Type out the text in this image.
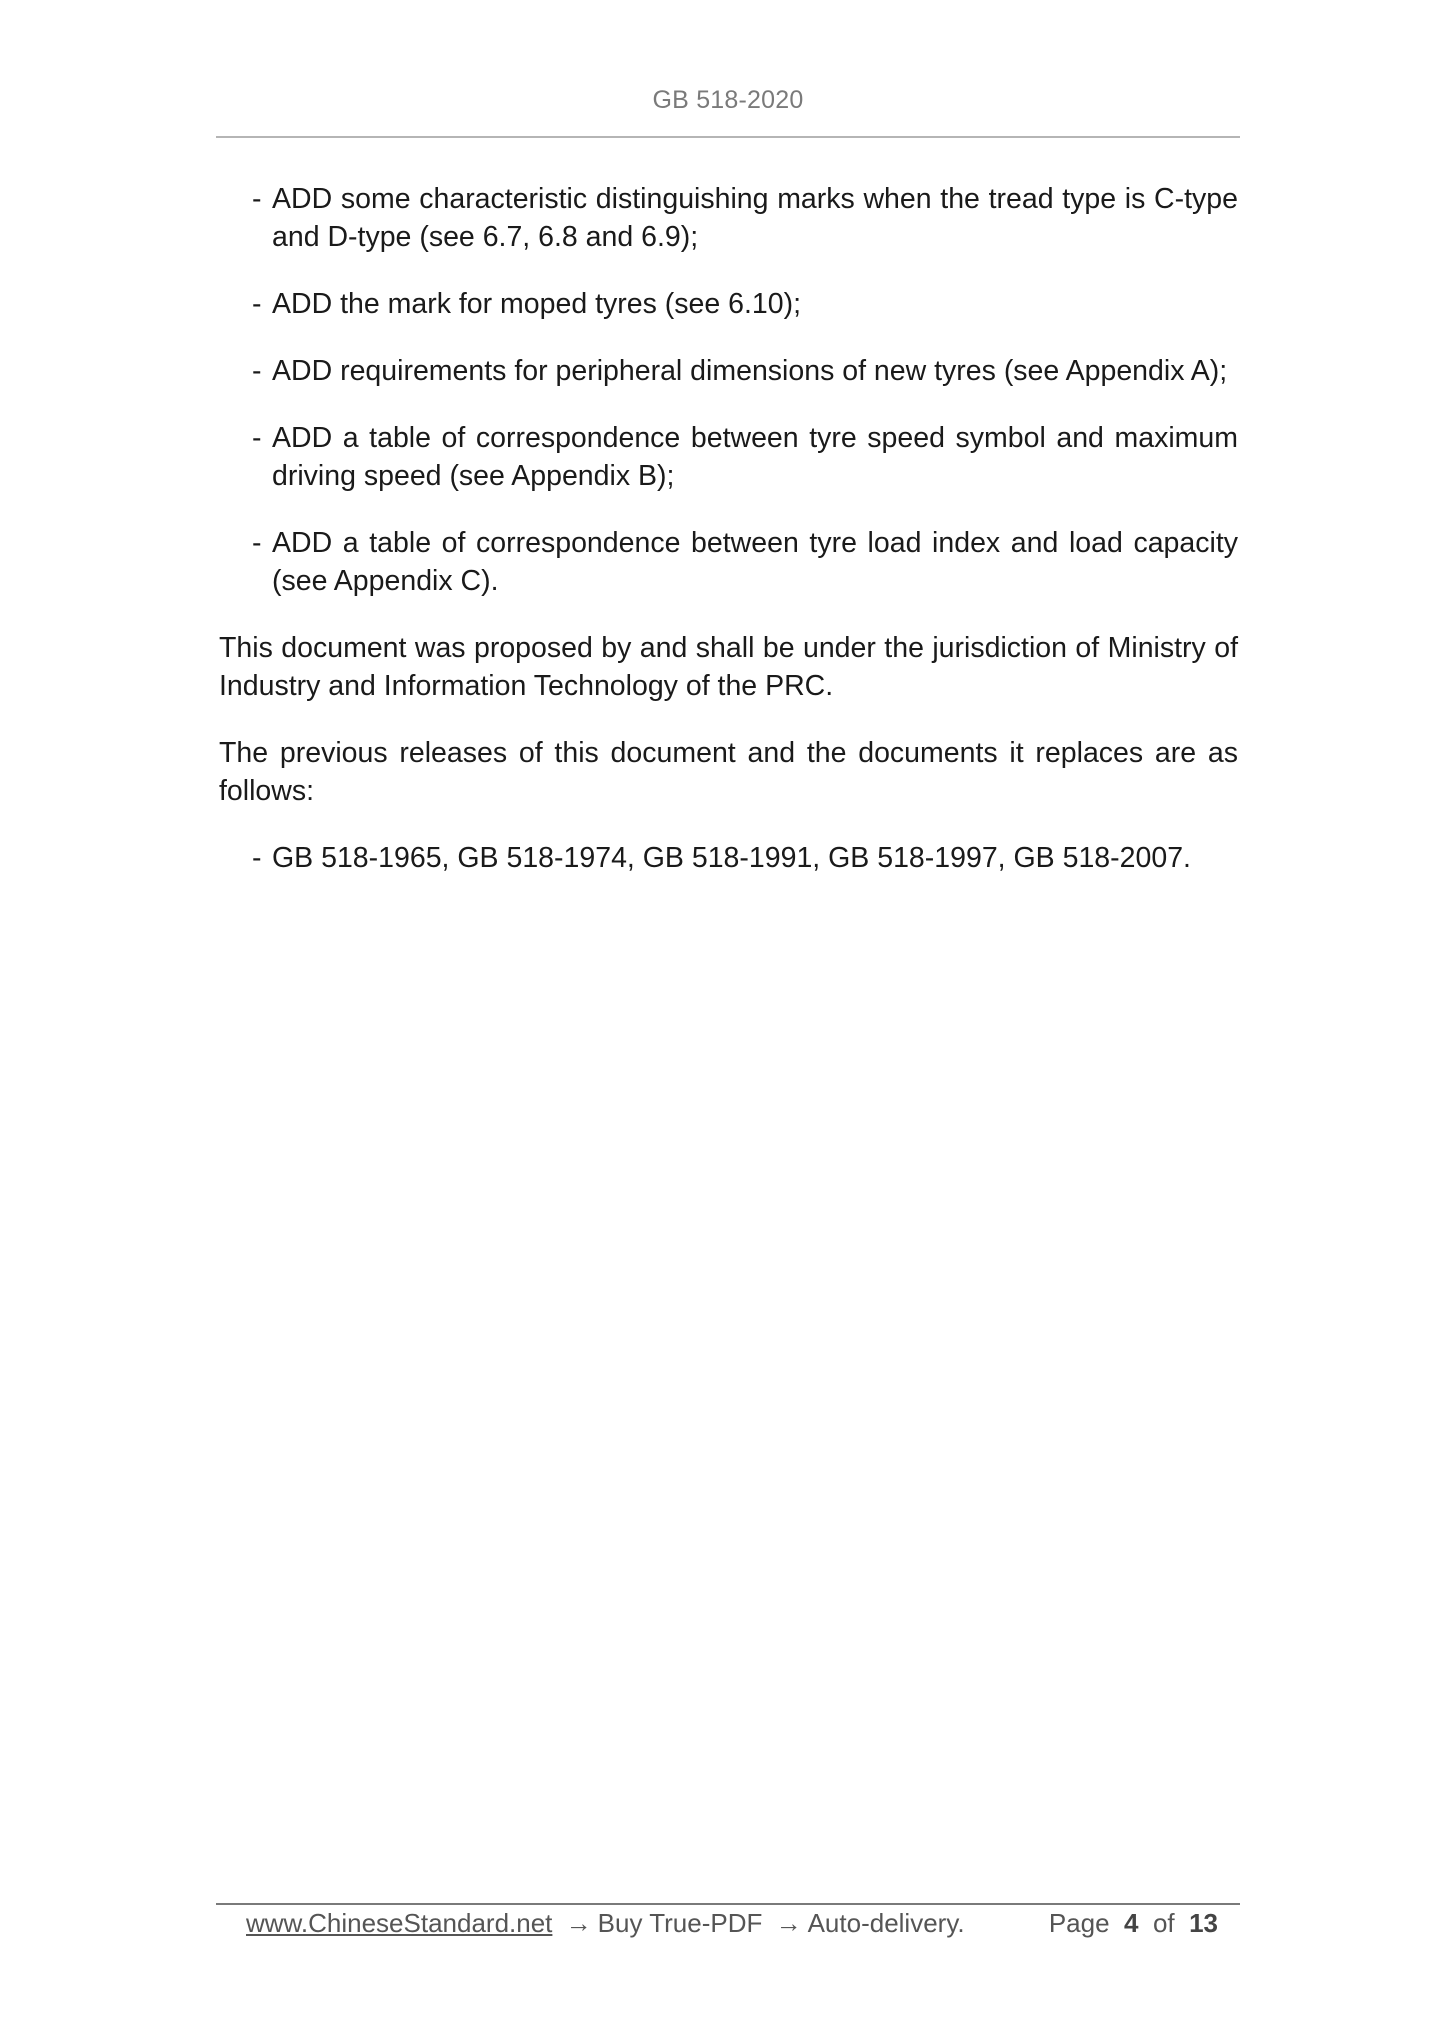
GB 518-2020
- ADD some characteristic distinguishing marks when the tread type is C-type and D-type (see 6.7, 6.8 and 6.9);
- ADD the mark for moped tyres (see 6.10);
- ADD requirements for peripheral dimensions of new tyres (see Appendix A);
- ADD a table of correspondence between tyre speed symbol and maximum driving speed (see Appendix B);
- ADD a table of correspondence between tyre load index and load capacity (see Appendix C).

This document was proposed by and shall be under the jurisdiction of Ministry of Industry and Information Technology of the PRC.

The previous releases of this document and the documents it replaces are as follows:

- GB 518-1965, GB 518-1974, GB 518-1991, GB 518-1997, GB 518-2007.
www.ChineseStandard.net → Buy True-PDF → Auto-delivery.	Page 4 of 13
